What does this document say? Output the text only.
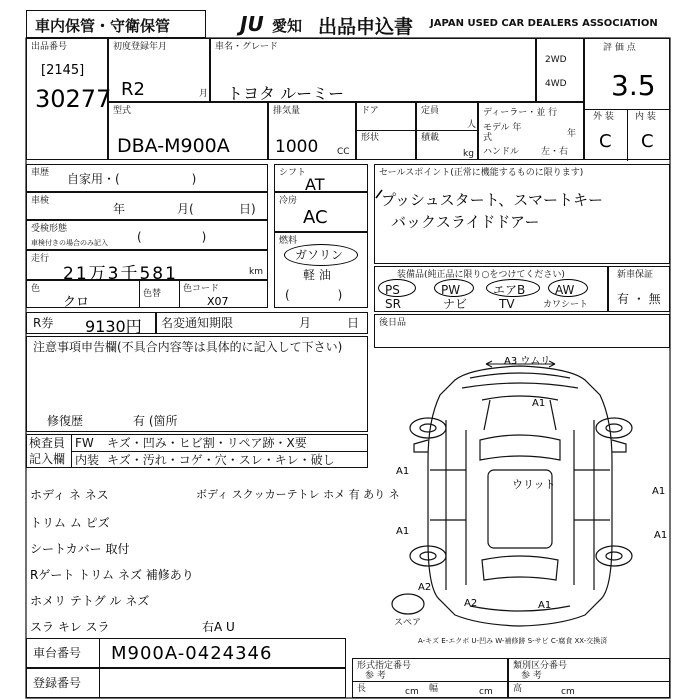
車内保管・守衛保管	JU 愛知 出品申込書 JAPAN USED CAR DEALERS ASSOCIATION
出品番号
[2145]
30277
初度登録年月
R2	月
車名・グレード
トヨタ ルーミー
2WD
4WD
評 価 点
3.5
外 装 内 装
C C
型式
DBA-M900A
排気量
1000 CC
ドア
形状
定員
人
積載
kg
ディーラー・並 行
モデル 年式	年
ハンドル 左・右
車歴 自家用・(　　　　　　)
車検
年	月(	日)
受検形態
車検付きの場合のみ記入 (　　　　　)
走行
21万3千581	km
色
クロ
色替 色コード
X07
シフト
AT
冷房
AC
燃料
ガソリン
軽 油
(　　　　)
セールスポイント(正常に機能するものに限ります)
プッシュスタート、スマートキー
バックスライドドアー
装備品(純正品に限り○をつけてください)
PS	PW	エアB AW
SR	ナビ	TV	カワシート
新車保証
有 ・ 無
R券 9130円 名変通知期限	月	日 後日品
注意事項申告欄(不具合内容等は具体的に記入して下さい)
修復歴	有 (箇所
検査員
記入欄
FW キズ・凹み・ヒビ割・リペア跡・X要
内装 キズ・汚れ・コゲ・穴・スレ・キレ・破し
ホディ ネ ネス
トリム ム ピズ
シートカバー 取付
Rゲート トリム ネズ 補修あり
ホメリ テトグ ル ネズ
スラ キレ スラ
ボディ スクッカーテトレ ホメ 有 あり ネ
右A U
車台番号 M900A-0424346
登録番号
A3 ウムリ
ウリット
A1
A1
A1
A1
A1
A1
A2
A2
スペア
A-キズ E-エクボ U-凹み W-補修跡 S-サビ C-腐食 XX-交換済
形式指定番号
参 考
長	cm 幅	cm
類別区分番号
参 考
高	cm
